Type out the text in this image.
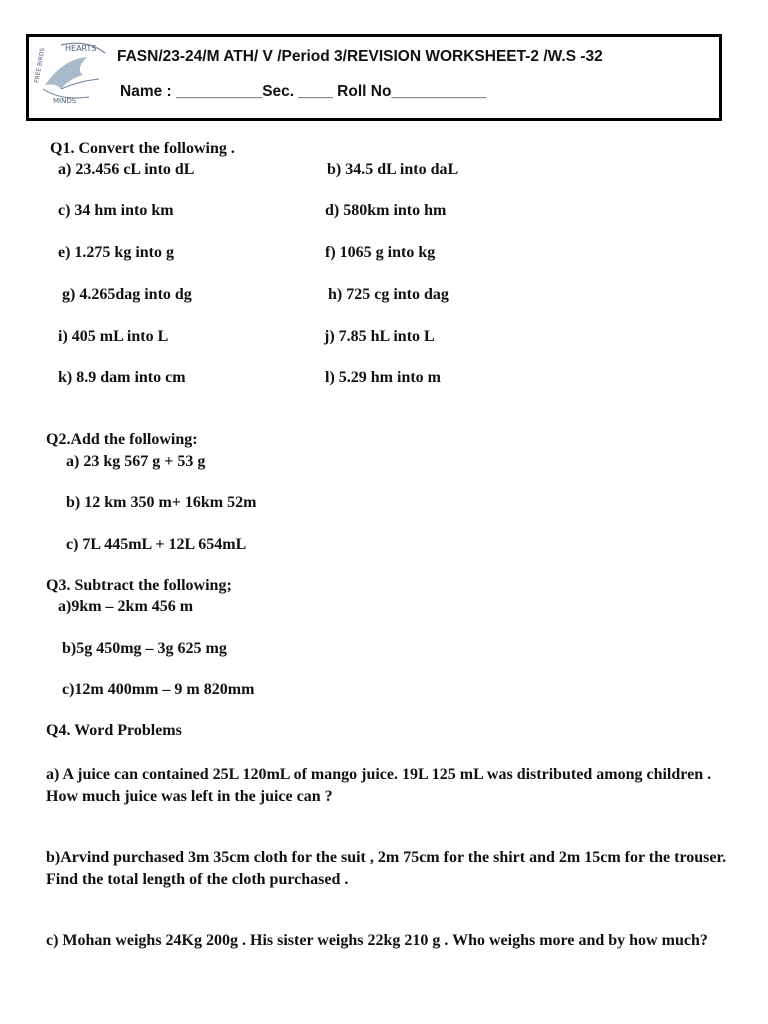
HEARTS
FREE BIRDS
MINDS
FASN/23-24/M ATH/ V /Period 3/REVISION WORKSHEET-2 /W.S -32
Name : __________Sec. ____ Roll No___________
Q1. Convert the following .
a) 23.456 cL into dL	b) 34.5 dL into daL
c) 34 hm into km	d) 580km into hm
e) 1.275 kg into g	f) 1065 g into kg
g) 4.265dag into dg	h) 725 cg into dag
i) 405 mL into L	j) 7.85 hL into L
k) 8.9 dam into cm	l) 5.29 hm into m
Q2.Add the following:
a) 23 kg 567 g + 53 g
b) 12 km 350 m+ 16km 52m
c) 7L 445mL + 12L 654mL
Q3. Subtract the following;
a)9km – 2km 456 m
b)5g 450mg – 3g 625 mg
c)12m 400mm – 9 m 820mm
Q4. Word Problems
a) A juice can contained 25L 120mL of mango juice. 19L 125 mL was distributed among children . How much juice was left in the juice can ?
b)Arvind purchased 3m 35cm cloth for the suit , 2m 75cm for the shirt and 2m 15cm for the trouser. Find the total length of the cloth purchased .
c) Mohan weighs 24Kg 200g . His sister weighs 22kg 210 g . Who weighs more and by how much?
